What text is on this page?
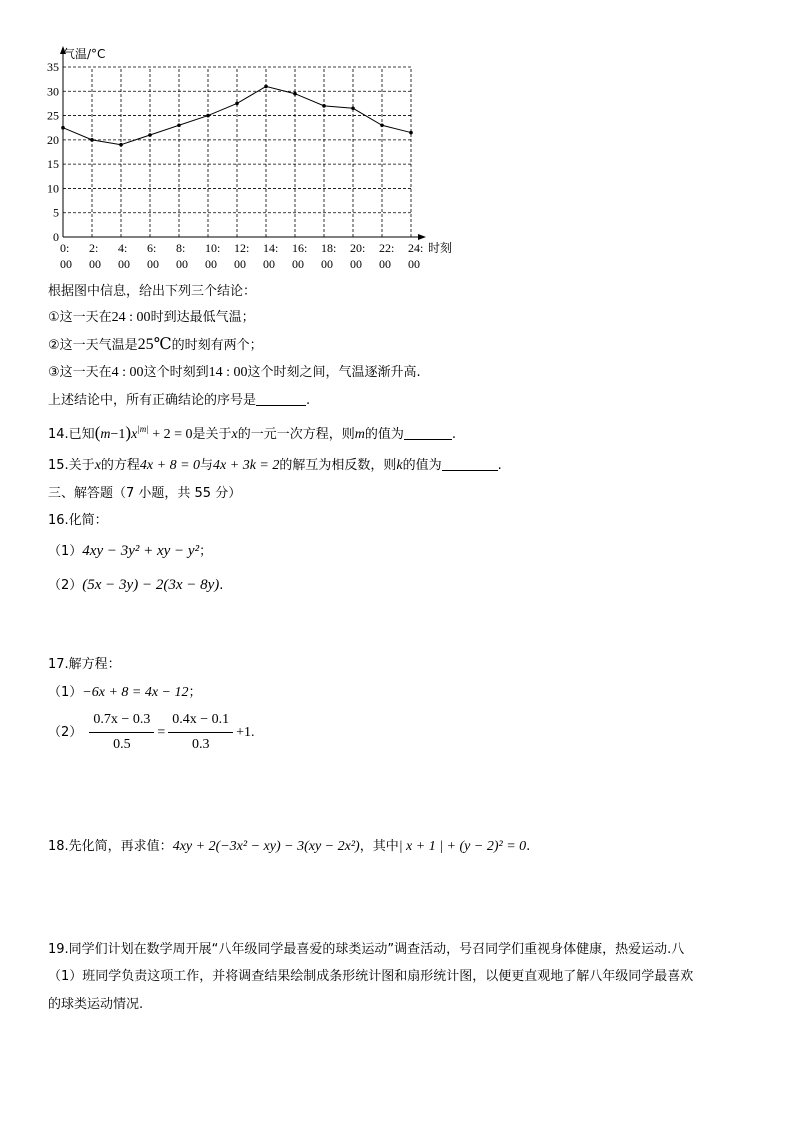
0
5
10
15
20
25
30
35
0:
00
2:
00
4:
00
6:
00
8:
00
10:
00
12:
00
14:
00
16:
00
18:
00
20:
00
22:
00
24:
00
气温/°C
时刻
根据图中信息，给出下列三个结论：
①这一天在24 : 00时到达最低气温；
②这一天气温是25℃的时刻有两个；
③这一天在4 : 00这个时刻到14 : 00这个时刻之间，气温逐渐升高.
上述结论中，所有正确结论的序号是	.
14.已知$(m-1)x^{|m|} + 2 = 0$是关于x的一元一次方程，则m的值为	.
15.关于x的方程4x + 8 = 0与4x + 3k = 2的解互为相反数，则k的值为	.
三、解答题（7 小题，共 55 分）
16.化简：
（1）4xy − 3y² + xy − y²；
（2）(5x − 3y) − 2(3x − 8y).
17.解方程：
（1）−6x + 8 = 4x − 12；
$(2) \frac{0.7x - 0.3}{0.5} = \frac{0.4x - 0.1}{0.3} +1$.
18.先化简，再求值：4xy + 2(−3x² − xy) − 3(xy − 2x²)，其中| x + 1 | + (y − 2)² = 0.
19.同学们计划在数学周开展“八年级同学最喜爱的球类运动”调查活动，号召同学们重视身体健康，热爱运动.八
（1）班同学负责这项工作，并将调查结果绘制成条形统计图和扇形统计图，以便更直观地了解八年级同学最喜欢
的球类运动情况.
